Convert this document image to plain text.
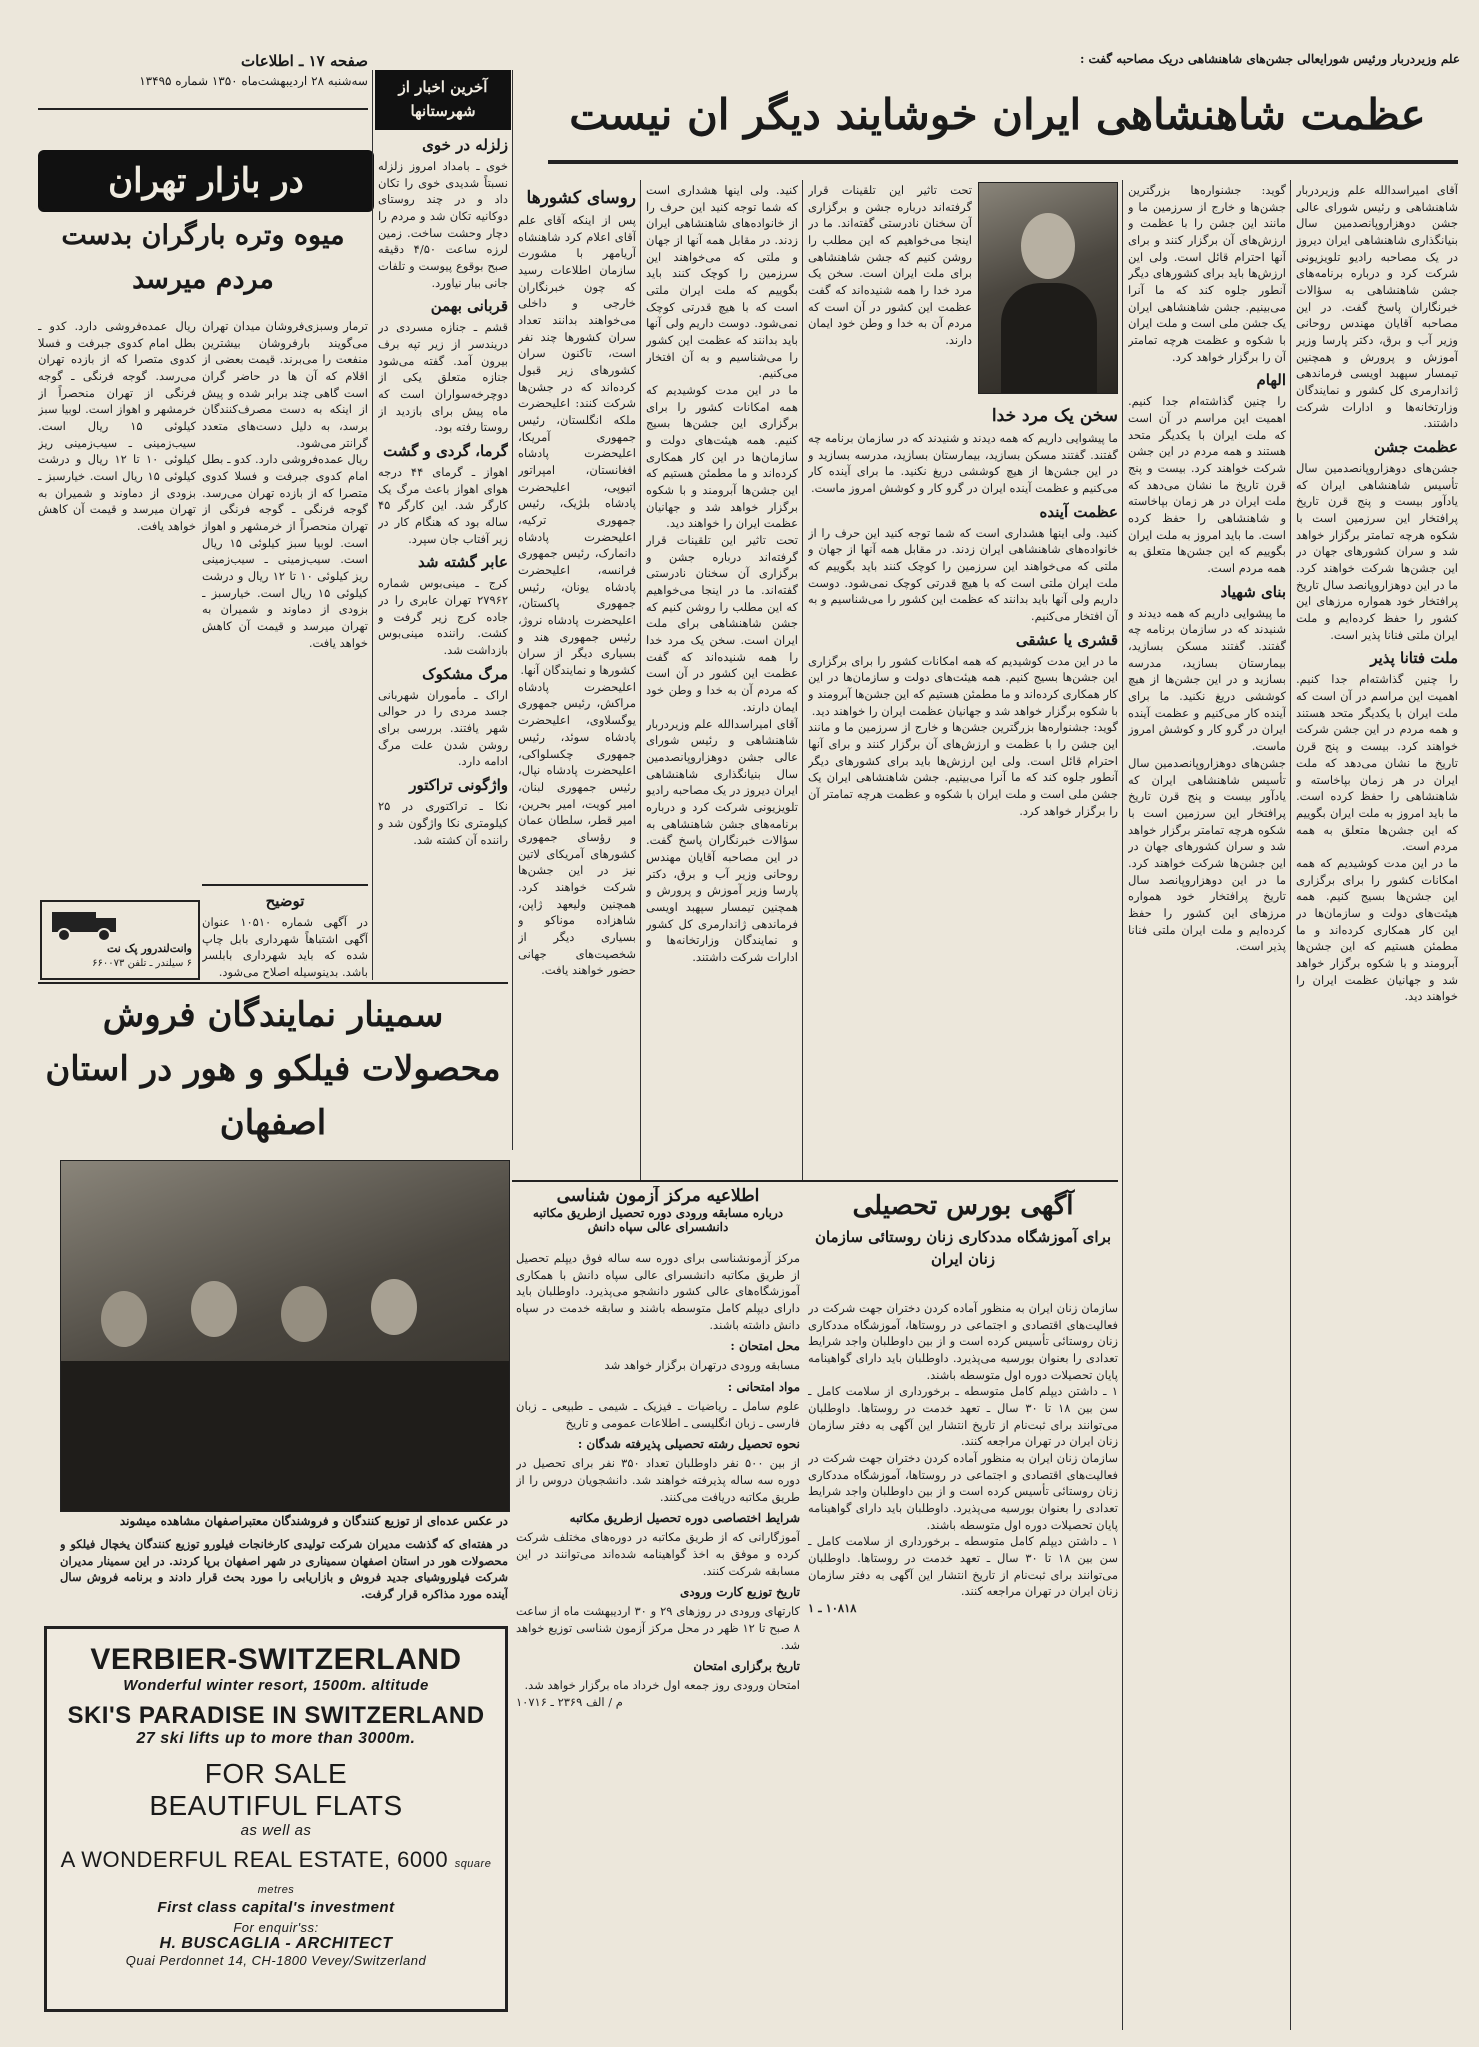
علم وزیردربار ورئیس شورایعالی جشن‌های شاهنشاهی دریک مصاحبه گفت :
صفحه ۱۷ ـ اطلاعات
سه‌شنبه ۲۸ اردیبهشت‌ماه ۱۳۵۰ شماره ۱۳۴۹۵
عظمت شاهنشاهی ایران خوشایند دیگر ان نیست
آخرین اخبار از شهرستانها
در بازار تهران	آقای امیراسدالله علم وزیردربار شاهنشاهی و رئیس شورای عالی جشن دوهزاروپانصدمین سال بنیانگذاری شاهنشاهی ایران دیروز در یک مصاحبه رادیو تلویزیونی شرکت کرد و درباره برنامه‌های جشن شاهنشاهی به سؤالات خبرنگاران پاسخ گفت. در این مصاحبه آقایان مهندس روحانی وزیر آب و برق، دکتر پارسا وزیر آموزش و پرورش و همچنین تیمسار سپهبد اویسی فرماندهی ژاندارمری کل کشور و نمایندگان وزارتخانه‌ها و ادارات شرکت داشتند.
عظمت جشن
جشن‌های دوهزاروپانصدمین سال تأسیس شاهنشاهی ایران که یادآور بیست و پنج قرن تاریخ پرافتخار این سرزمین است با شکوه هرچه تمامتر برگزار خواهد شد و سران کشورهای جهان در این جشن‌ها شرکت خواهند کرد. ما در این دوهزاروپانصد سال تاریخ پرافتخار خود همواره مرزهای این کشور را حفظ کرده‌ایم و ملت ایران ملتی فنانا پذیر است.
ملت فتانا پذیر
را چنین گذاشته‌ام جدا کنیم. اهمیت این مراسم در آن است که ملت ایران با یکدیگر متحد هستند و همه مردم در این جشن شرکت خواهند کرد. بیست و پنج قرن تاریخ ما نشان می‌دهد که ملت ایران در هر زمان بپاخاسته و شاهنشاهی را حفظ کرده است. ما باید امروز به ملت ایران بگوییم که این جشن‌ها متعلق به همه مردم است.
ما در این مدت کوشیدیم که همه امکانات کشور را برای برگزاری این جشن‌ها بسیج کنیم. همه هیئت‌های دولت و سازمان‌ها در این کار همکاری کرده‌اند و ما مطمئن هستیم که این جشن‌ها آبرومند و با شکوه برگزار خواهد شد و جهانیان عظمت ایران را خواهند دید.
گوید: جشنواره‌ها بزرگترین جشن‌ها و خارج از سرزمین ما و مانند این جشن را با عظمت و ارزش‌های آن برگزار کنند و برای آنها احترام قائل است. ولی این ارزش‌ها باید برای کشورهای دیگر آنطور جلوه کند که ما آنرا می‌بینیم. جشن شاهنشاهی ایران یک جشن ملی است و ملت ایران با شکوه و عظمت هرچه تمامتر آن را برگزار خواهد کرد.
الهام
را چنین گذاشته‌ام جدا کنیم. اهمیت این مراسم در آن است که ملت ایران با یکدیگر متحد هستند و همه مردم در این جشن شرکت خواهند کرد. بیست و پنج قرن تاریخ ما نشان می‌دهد که ملت ایران در هر زمان بپاخاسته و شاهنشاهی را حفظ کرده است. ما باید امروز به ملت ایران بگوییم که این جشن‌ها متعلق به همه مردم است.
بنای شهیاد
ما پیشوایی داریم که همه دیدند و شنیدند که در سازمان برنامه چه گفتند. گفتند مسکن بسازید، بیمارستان بسازید، مدرسه بسازید و در این جشن‌ها از هیچ کوششی دریغ نکنید. ما برای آینده کار می‌کنیم و عظمت آینده ایران در گرو کار و کوشش امروز ماست.
جشن‌های دوهزاروپانصدمین سال تأسیس شاهنشاهی ایران که یادآور بیست و پنج قرن تاریخ پرافتخار این سرزمین است با شکوه هرچه تمامتر برگزار خواهد شد و سران کشورهای جهان در این جشن‌ها شرکت خواهند کرد. ما در این دوهزاروپانصد سال تاریخ پرافتخار خود همواره مرزهای این کشور را حفظ کرده‌ایم و ملت ایران ملتی فنانا پذیر است.
تحت تاثیر این تلقینات قرار گرفته‌اند درباره جشن و برگزاری آن سخنان نادرستی گفته‌اند. ما در اینجا می‌خواهیم که این مطلب را روشن کنیم که جشن شاهنشاهی برای ملت ایران است. سخن یک مرد خدا را همه شنیده‌اند که گفت عظمت این کشور در آن است که مردم آن به خدا و وطن خود ایمان دارند.
سخن یک مرد خدا
ما پیشوایی داریم که همه دیدند و شنیدند که در سازمان برنامه چه گفتند. گفتند مسکن بسازید، بیمارستان بسازید، مدرسه بسازید و در این جشن‌ها از هیچ کوششی دریغ نکنید. ما برای آینده کار می‌کنیم و عظمت آینده ایران در گرو کار و کوشش امروز ماست.
عظمت آینده
کنید. ولی اینها هشداری است که شما توجه کنید این حرف را از خانواده‌های شاهنشاهی ایران زدند. در مقابل همه آنها از جهان و ملتی که می‌خواهند این سرزمین را کوچک کنند باید بگوییم که ملت ایران ملتی است که با هیچ قدرتی کوچک نمی‌شود. دوست داریم ولی آنها باید بدانند که عظمت این کشور را می‌شناسیم و به آن افتخار می‌کنیم.
قشری یا عشقی
ما در این مدت کوشیدیم که همه امکانات کشور را برای برگزاری این جشن‌ها بسیج کنیم. همه هیئت‌های دولت و سازمان‌ها در این کار همکاری کرده‌اند و ما مطمئن هستیم که این جشن‌ها آبرومند و با شکوه برگزار خواهد شد و جهانیان عظمت ایران را خواهند دید.
گوید: جشنواره‌ها بزرگترین جشن‌ها و خارج از سرزمین ما و مانند این جشن را با عظمت و ارزش‌های آن برگزار کنند و برای آنها احترام قائل است. ولی این ارزش‌ها باید برای کشورهای دیگر آنطور جلوه کند که ما آنرا می‌بینیم. جشن شاهنشاهی ایران یک جشن ملی است و ملت ایران با شکوه و عظمت هرچه تمامتر آن را برگزار خواهد کرد.
کنید. ولی اینها هشداری است که شما توجه کنید این حرف را از خانواده‌های شاهنشاهی ایران زدند. در مقابل همه آنها از جهان و ملتی که می‌خواهند این سرزمین را کوچک کنند باید بگوییم که ملت ایران ملتی است که با هیچ قدرتی کوچک نمی‌شود. دوست داریم ولی آنها باید بدانند که عظمت این کشور را می‌شناسیم و به آن افتخار می‌کنیم.
ما در این مدت کوشیدیم که همه امکانات کشور را برای برگزاری این جشن‌ها بسیج کنیم. همه هیئت‌های دولت و سازمان‌ها در این کار همکاری کرده‌اند و ما مطمئن هستیم که این جشن‌ها آبرومند و با شکوه برگزار خواهد شد و جهانیان عظمت ایران را خواهند دید.
تحت تاثیر این تلقینات قرار گرفته‌اند درباره جشن و برگزاری آن سخنان نادرستی گفته‌اند. ما در اینجا می‌خواهیم که این مطلب را روشن کنیم که جشن شاهنشاهی برای ملت ایران است. سخن یک مرد خدا را همه شنیده‌اند که گفت عظمت این کشور در آن است که مردم آن به خدا و وطن خود ایمان دارند.
آقای امیراسدالله علم وزیردربار شاهنشاهی و رئیس شورای عالی جشن دوهزاروپانصدمین سال بنیانگذاری شاهنشاهی ایران دیروز در یک مصاحبه رادیو تلویزیونی شرکت کرد و درباره برنامه‌های جشن شاهنشاهی به سؤالات خبرنگاران پاسخ گفت. در این مصاحبه آقایان مهندس روحانی وزیر آب و برق، دکتر پارسا وزیر آموزش و پرورش و همچنین تیمسار سپهبد اویسی فرماندهی ژاندارمری کل کشور و نمایندگان وزارتخانه‌ها و ادارات شرکت داشتند.
روسای کشورها
پس از اینکه آقای علم آقای اعلام کرد شاهنشاه آریامهر با مشورت سازمان اطلاعات رسید که چون خبرنگاران خارجی و داخلی می‌خواهند بدانند تعداد سران کشورها چند نفر است، تاکنون سران کشورهای زیر قبول کرده‌اند که در جشن‌ها شرکت کنند: اعلیحضرت ملکه انگلستان، رئیس جمهوری آمریکا، اعلیحضرت پادشاه افغانستان، امپراتور اتیوپی، اعلیحضرت پادشاه بلژیک، رئیس جمهوری ترکیه، اعلیحضرت پادشاه دانمارک، رئیس جمهوری فرانسه، اعلیحضرت پادشاه یونان، رئیس جمهوری پاکستان، اعلیحضرت پادشاه نروژ، رئیس جمهوری هند و بسیاری دیگر از سران کشورها و نمایندگان آنها.
اعلیحضرت پادشاه مراکش، رئیس جمهوری یوگسلاوی، اعلیحضرت پادشاه سوئد، رئیس جمهوری چکسلواکی، اعلیحضرت پادشاه نپال، رئیس جمهوری لبنان، امیر کویت، امیر بحرین، امیر قطر، سلطان عمان و رؤسای جمهوری کشورهای آمریکای لاتین نیز در این جشن‌ها شرکت خواهند کرد. همچنین ولیعهد ژاپن، شاهزاده موناکو و بسیاری دیگر از شخصیت‌های جهانی حضور خواهند یافت.
زلزله در خوی
خوی ـ بامداد امروز زلزله نسبتاً شدیدی خوی را تکان داد و در چند روستای دوکانیه تکان شد و مردم را دچار وحشت ساخت. زمین لرزه ساعت ۴/۵۰ دقیقه صبح بوقوع پیوست و تلفات جانی ببار نیاورد.
قربانی بهمن
قشم ـ جنازه مسردی در دریندسر از زیر تپه برف بیرون آمد. گفته می‌شود جنازه متعلق یکی از دوچرخه‌سواران است که ماه پیش برای بازدید از روستا رفته بود.
گرما، گردی و گشت
اهواز ـ گرمای ۴۴ درجه هوای اهواز باعث مرگ یک کارگر شد. این کارگر ۴۵ ساله بود که هنگام کار در زیر آفتاب جان سپرد.
عابر گشته شد
کرج ـ مینی‌بوس شماره ۲۷۹۶۲ تهران عابری را در جاده کرج زیر گرفت و کشت. راننده مینی‌بوس بازداشت شد.
مرگ مشکوک
اراک ـ مأموران شهربانی جسد مردی را در حوالی شهر یافتند. بررسی برای روشن شدن علت مرگ ادامه دارد.
واژگونی تراکتور
نکا ـ تراکتوری در ۲۵ کیلومتری نکا واژگون شد و راننده آن کشته شد.
میوه وتره بارگران بدست مردم میرسد
ترمار وسبزی‌فروشان میدان تهران می‌گویند بارفروشان بیشترین منفعت را می‌برند. قیمت بعضی از اقلام که آن ‌ها در حاضر گران است گاهی چند برابر شده و پیش از اینکه به دست مصرف‌کنندگان برسد، به دلیل دست‌های متعدد گرانتر می‌شود.
ریال عمده‌فروشی دارد. کدو ـ بطل امام کدوی جبرفت و فسلا کدوی متصرا که از بازده تهران می‌رسد. گوجه فرنگی ـ گوجه فرنگی از تهران منحصراً از خرمشهر و اهواز است. لوبیا سبز کیلوئی ۱۵ ریال است. سیب‌زمینی ـ سیب‌زمینی ریز کیلوئی ۱۰ تا ۱۲ ریال و درشت کیلوئی ۱۵ ریال است. خیارسبز ـ بزودی از دماوند و شمیران به تهران میرسد و قیمت آن کاهش خواهد یافت.
ریال عمده‌فروشی دارد. کدو ـ بطل امام کدوی جبرفت و فسلا کدوی متصرا که از بازده تهران می‌رسد. گوجه فرنگی ـ گوجه فرنگی از تهران منحصراً از خرمشهر و اهواز است. لوبیا سبز کیلوئی ۱۵ ریال است. سیب‌زمینی ـ سیب‌زمینی ریز کیلوئی ۱۰ تا ۱۲ ریال و درشت کیلوئی ۱۵ ریال است. خیارسبز ـ بزودی از دماوند و شمیران به تهران میرسد و قیمت آن کاهش خواهد یافت.
توضیح
در آگهی شماره ۱۰۵۱۰ عنوان آگهی اشتباهاً شهرداری بابل چاپ شده که باید شهرداری بابلسر باشد. بدینوسیله اصلاح می‌شود.
وانت‌لندرور پک ‌نت
۶ سیلندر ـ تلفن ۶۶۰۰۷۳
سمینار نمایندگان فروش محصولات فیلکو و هور در استان اصفهان
در عکس عده‌ای از توزیع کنندگان و فروشندگان معتبراصفهان مشاهده میشوند
در هفته‌ای که گذشت مدیران شرکت تولیدی کارخانجات فیلورو توزیع کنندگان یخچال فیلکو و محصولات هور در استان اصفهان سمیناری در شهر اصفهان برپا کردند. در این سمینار مدیران شرکت فیلوروشیای جدید فروش و بازاریابی را مورد بحث قرار دادند و برنامه فروش سال آینده مورد مذاکره قرار گرفت.
VERBIER-SWITZERLAND
Wonderful winter resort, 1500m. altitude
SKI'S PARADISE IN SWITZERLAND
27 ski lifts up to more than 3000m.
FOR SALE
BEAUTIFUL FLATS
as well as
A WONDERFUL REAL ESTATE, 6000 square metres
First class capital's investment
For enquir'ss:
H. BUSCAGLIA - ARCHITECT
Quai Perdonnet 14, CH-1800 Vevey/Switzerland
اطلاعیه مرکز آزمون شناسی
درباره مسابقه ورودی دوره تحصیل ازطریق مکاتبه دانشسرای عالی سپاه دانش
مرکز آزمونشناسی برای دوره سه ساله فوق دیپلم تحصیل از طریق مکاتبه دانشسرای عالی سپاه دانش با همکاری آموزشگاه‌های عالی کشور دانشجو می‌پذیرد. داوطلبان باید دارای دیپلم کامل متوسطه باشند و سابقه خدمت در سپاه دانش داشته باشند.
محل امتحان :
مسابقه ورودی درتهران برگزار خواهد شد
مواد امتحانی :
علوم سامل ـ ریاضیات ـ فیزیک ـ شیمی ـ طبیعی ـ زبان فارسی ـ زبان انگلیسی ـ اطلاعات عمومی و تاریخ
نحوه تحصیل رشته تحصیلی پذیرفته شدگان :
از بین ۵۰۰ نفر داوطلبان تعداد ۳۵۰ نفر برای تحصیل در دوره سه ساله پذیرفته خواهند شد. دانشجویان دروس را از طریق مکاتبه دریافت می‌کنند.
شرایط اختصاصی دوره تحصیل ازطریق مکاتبه
آموزگارانی که از طریق مکاتبه در دوره‌های مختلف شرکت کرده و موفق به اخذ گواهینامه شده‌اند می‌توانند در این مسابقه شرکت کنند.
تاریخ توزیع کارت ورودی
کارتهای ورودی در روزهای ۲۹ و ۳۰ اردیبهشت ماه از ساعت ۸ صبح تا ۱۲ ظهر در محل مرکز آزمون شناسی توزیع خواهد شد.
تاریخ برگزاری امتحان
امتحان ورودی روز جمعه اول خرداد ماه برگزار خواهد شد.
م / الف ۲۳۶۹ ـ ۱۰۷۱۶
آگهی بورس تحصیلی
برای آموزشگاه مددکاری زنان روستائی سازمان زنان ایران
سازمان زنان ایران به منظور آماده کردن دختران جهت شرکت در فعالیت‌های اقتصادی و اجتماعی در روستاها، آموزشگاه مددکاری زنان روستائی تأسیس کرده است و از بین داوطلبان واجد شرایط تعدادی را بعنوان بورسیه می‌پذیرد. داوطلبان باید دارای گواهینامه پایان تحصیلات دوره اول متوسطه باشند.
۱ ـ داشتن دیپلم کامل متوسطه ـ برخورداری از سلامت کامل ـ سن بین ۱۸ تا ۳۰ سال ـ تعهد خدمت در روستاها. داوطلبان می‌توانند برای ثبت‌نام از تاریخ انتشار این آگهی به دفتر سازمان زنان ایران در تهران مراجعه کنند.
سازمان زنان ایران به منظور آماده کردن دختران جهت شرکت در فعالیت‌های اقتصادی و اجتماعی در روستاها، آموزشگاه مددکاری زنان روستائی تأسیس کرده است و از بین داوطلبان واجد شرایط تعدادی را بعنوان بورسیه می‌پذیرد. داوطلبان باید دارای گواهینامه پایان تحصیلات دوره اول متوسطه باشند.
۱ ـ داشتن دیپلم کامل متوسطه ـ برخورداری از سلامت کامل ـ سن بین ۱۸ تا ۳۰ سال ـ تعهد خدمت در روستاها. داوطلبان می‌توانند برای ثبت‌نام از تاریخ انتشار این آگهی به دفتر سازمان زنان ایران در تهران مراجعه کنند.
۱۰۸۱۸ ـ ۱
